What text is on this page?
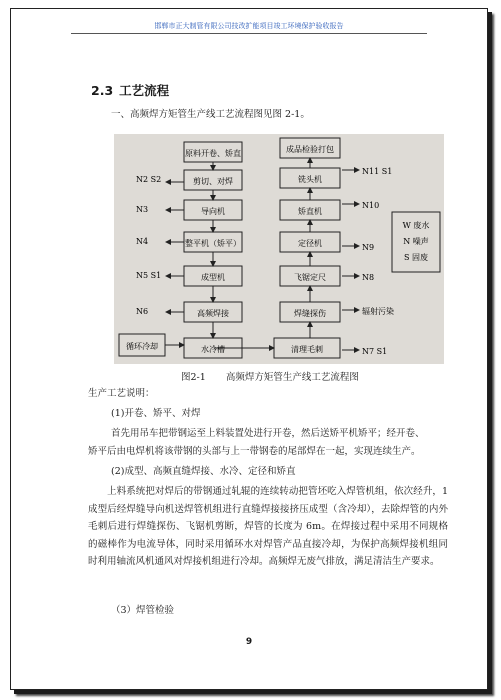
邯郸市正大制管有限公司技改扩能项目竣工环境保护验收报告
2.3 工艺流程
一、高频焊方矩管生产线工艺流程图见图 2-1。
原料开卷、矫直
剪切、对焊
导向机
整平机（矫平）
成型机
高频焊接
水冷槽
成品检验打包
铣头机
矫直机
定径机
飞锯定尺
焊缝探伤
清理毛刺
N2 S2
N3
N4
N5 S1
N6
N11 S1
N10
N9
N8
辐射污染
N7 S1
循环冷却
W 废水
N 噪声
S 固废
图2-1 高频焊方矩管生产线工艺流程图
生产工艺说明：
(1)开卷、矫平、对焊
首先用吊车把带钢运至上料装置处进行开卷，然后送矫平机矫平；经开卷、
矫平后由电焊机将该带钢的头部与上一带钢卷的尾部焊在一起，实现连续生产。
(2)成型、高频直缝焊接、水冷、定径和矫直
上料系统把对焊后的带钢通过轧辊的连续转动把管坯吃入焊管机组，依次经升，1 成型后经焊缝导向机送焊管机组进行直缝焊接接挤压成型（含冷却），去除焊管的内外毛刺后进行焊缝探伤、飞锯机剪断，焊管的长度为 6m。在焊接过程中采用不同规格的磁棒作为电流导体，同时采用循环水对焊管产品直接冷却，为保护高频焊接机组同时利用轴流风机通风对焊接机组进行冷却。高频焊无废气排放，满足清洁生产要求。
（3）焊管检验
9
